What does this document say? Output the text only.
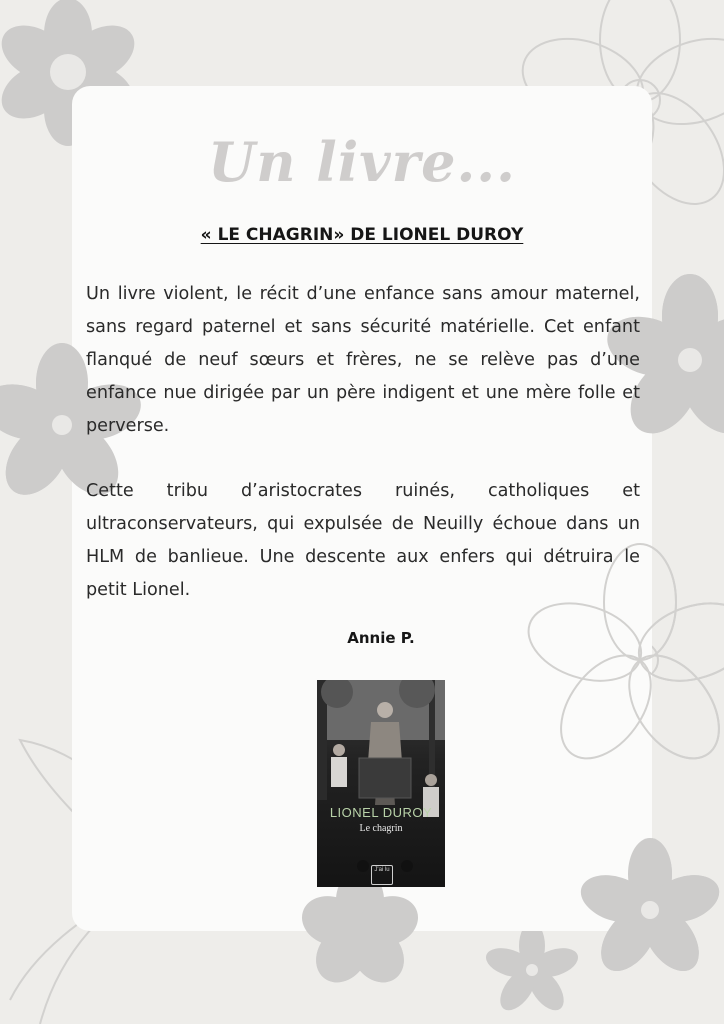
Un livre...
« LE CHAGRIN» DE LIONEL DUROY

Un livre violent, le récit d’une enfance sans amour maternel, sans regard paternel et sans sécurité matérielle. Cet enfant flanqué de neuf sœurs et frères, ne se relève pas d’une enfance nue dirigée par un père indigent et une mère folle et perverse.

Cette tribu d’aristocrates ruinés, catholiques et ultraconservateurs, qui expulsée de Neuilly échoue dans un HLM de banlieue. Une descente aux enfers qui détruira le petit Lionel.

Annie P.
LIONEL DUROY
Le chagrin
J'ai lu
